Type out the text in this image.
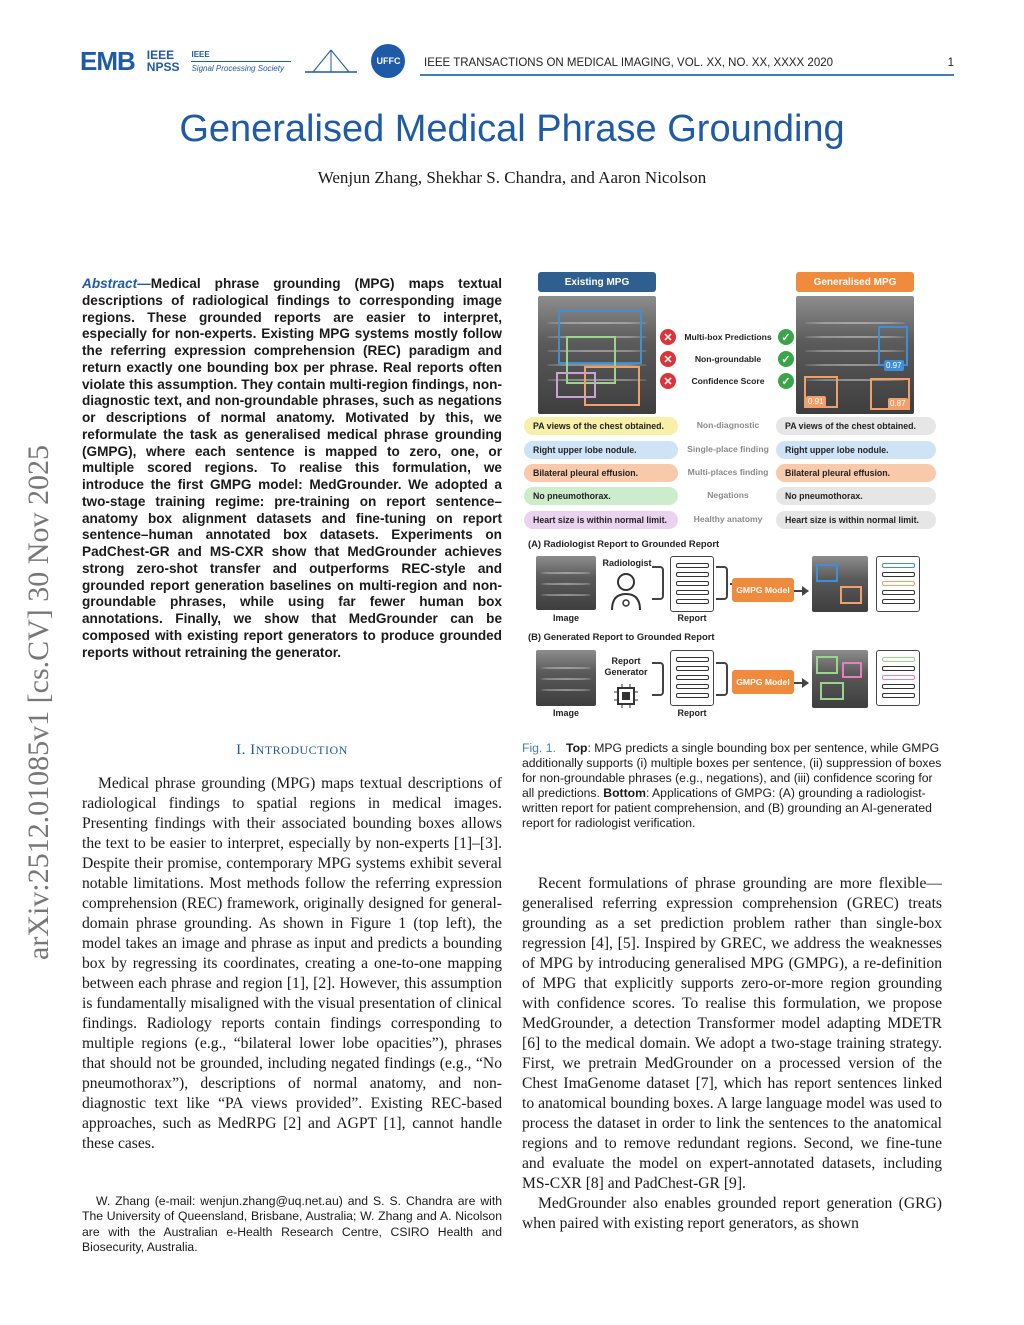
EMB IEEE
NPSS
IEEE
Signal Processing Society
UFFC	IEEE TRANSACTIONS ON MEDICAL IMAGING, VOL. XX, NO. XX, XXXX 2020	1
Generalised Medical Phrase Grounding
Wenjun Zhang, Shekhar S. Chandra, and Aaron Nicolson
arXiv:2512.01085v1 [cs.CV] 30 Nov 2025
Abstract—Medical phrase grounding (MPG) maps textual descriptions of radiological findings to corresponding image regions. These grounded reports are easier to interpret, especially for non-experts. Existing MPG systems mostly follow the referring expression comprehension (REC) paradigm and return exactly one bounding box per phrase. Real reports often violate this assumption. They contain multi-region findings, non-diagnostic text, and non-groundable phrases, such as negations or descriptions of normal anatomy. Motivated by this, we reformulate the task as generalised medical phrase grounding (GMPG), where each sentence is mapped to zero, one, or multiple scored regions. To realise this formulation, we introduce the first GMPG model: MedGrounder. We adopted a two-stage training regime: pre-training on report sentence–anatomy box alignment datasets and fine-tuning on report sentence–human annotated box datasets. Experiments on PadChest-GR and MS-CXR show that MedGrounder achieves strong zero-shot transfer and outperforms REC-style and grounded report generation baselines on multi-region and non-groundable phrases, while using far fewer human box annotations. Finally, we show that MedGrounder can be composed with existing report generators to produce grounded reports without retraining the generator.
I. INTRODUCTION

Medical phrase grounding (MPG) maps textual descriptions of radiological findings to spatial regions in medical images. Presenting findings with their associated bounding boxes allows the text to be easier to interpret, especially by non-experts [1]–[3]. Despite their promise, contemporary MPG systems exhibit several notable limitations. Most methods follow the referring expression comprehension (REC) framework, originally designed for general-domain phrase grounding. As shown in Figure 1 (top left), the model takes an image and phrase as input and predicts a bounding box by regressing its coordinates, creating a one-to-one mapping between each phrase and region [1], [2]. However, this assumption is fundamentally misaligned with the visual presentation of clinical findings. Radiology reports contain findings corresponding to multiple regions (e.g., “bilateral lower lobe opacities”), phrases that should not be grounded, including negated findings (e.g., “No pneumothorax”), descriptions of normal anatomy, and non-diagnostic text like “PA views provided”. Existing REC-based approaches, such as MedRPG [2] and AGPT [1], cannot handle these cases.

W. Zhang (e-mail: wenjun.zhang@uq.net.au) and S. S. Chandra are with The University of Queensland, Brisbane, Australia; W. Zhang and A. Nicolson are with the Australian e-Health Research Centre, CSIRO Health and Biosecurity, Australia.

Recent formulations of phrase grounding are more flexible—generalised referring expression comprehension (GREC) treats grounding as a set prediction problem rather than single-box regression [4], [5]. Inspired by GREC, we address the weaknesses of MPG by introducing generalised MPG (GMPG), a re-definition of MPG that explicitly supports zero-or-more region grounding with confidence scores. To realise this formulation, we propose MedGrounder, a detection Transformer model adapting MDETR [6] to the medical domain. We adopt a two-stage training strategy. First, we pretrain MedGrounder on a processed version of the Chest ImaGenome dataset [7], which has report sentences linked to anatomical bounding boxes. A large language model was used to process the dataset in order to link the sentences to the anatomical regions and to remove redundant regions. Second, we fine-tune and evaluate the model on expert-annotated datasets, including MS-CXR [8] and PadChest-GR [9].

MedGrounder also enables grounded report generation (GRG) when paired with existing report generators, as shown

Fig. 1. Top: MPG predicts a single bounding box per sentence, while GMPG additionally supports (i) multiple boxes per sentence, (ii) suppression of boxes for non-groundable phrases (e.g., negations), and (iii) confidence scoring for all predictions. Bottom: Applications of GMPG: (A) grounding a radiologist-written report for patient comprehension, and (B) grounding an AI-generated report for radiologist verification.
Existing MPG	Generalised MPG
0.97
0.91	0.87
✕
✕
✕
✓
✓
✓
Multi-box Predictions
Non-groundable
Confidence Score
PA views of the chest obtained.
Right upper lobe nodule.
Bilateral pleural effusion.
No pneumothorax.
Heart size is within normal limit.
Non-diagnostic
Single-place finding
Multi-places finding
Negations
Healthy anatomy
PA views of the chest obtained.
Right upper lobe nodule.
Bilateral pleural effusion.
No pneumothorax.
Heart size is within normal limit.
(A) Radiologist Report to Grounded Report
Image
Radiologist
Report
GMPG Model
(B) Generated Report to Grounded Report
Image
Report Generator
Report
GMPG Model
